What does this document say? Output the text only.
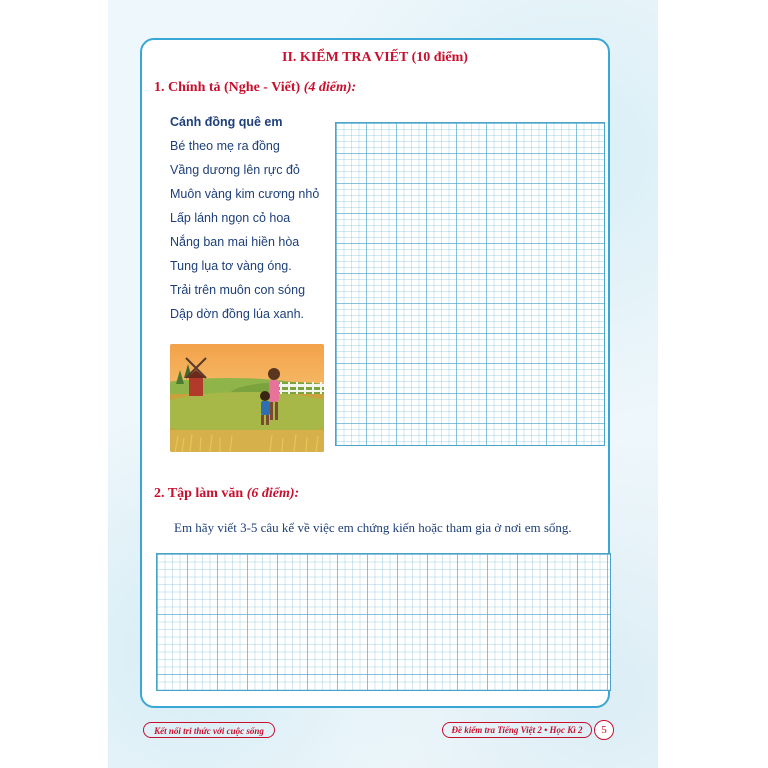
II. KIỂM TRA VIẾT (10 điểm)
1. Chính tả (Nghe - Viết) (4 điểm):
Cánh đồng quê em
Bé theo mẹ ra đồng
Vầng dương lên rực đỏ
Muôn vàng kim cương nhỏ
Lấp lánh ngọn cỏ hoa
Nắng ban mai hiền hòa
Tung lụa tơ vàng óng.
Trải trên muôn con sóng
Dập dờn đồng lúa xanh.
2. Tập làm văn (6 điểm):
Em hãy viết 3-5 câu kể về việc em chứng kiến hoặc tham gia ở nơi em sống.
Kết nối tri thức với cuộc sống	Đề kiểm tra Tiếng Việt 2 • Học Kì 2	5
